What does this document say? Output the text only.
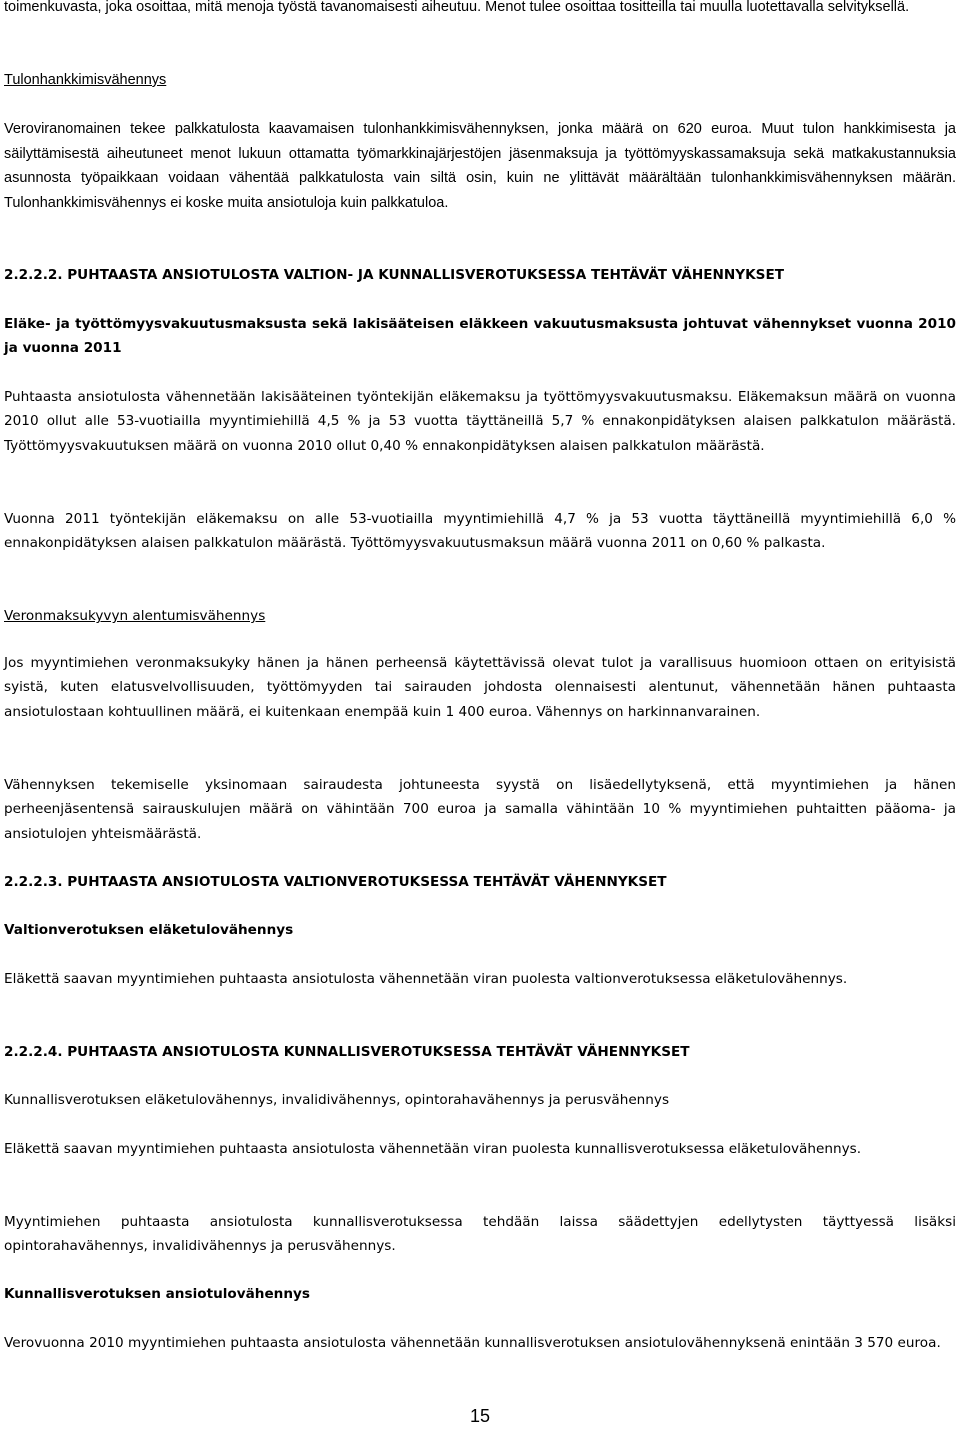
toimenkuvasta, joka osoittaa, mitä menoja työstä tavanomaisesti aiheutuu. Menot tulee osoittaa tositteilla tai muulla luotettavalla selvityksellä.

Tulonhankkimisvähennys

Veroviranomainen tekee palkkatulosta kaavamaisen tulonhankkimisvähennyksen, jonka määrä on 620 euroa. Muut tulon hankkimisesta ja säilyttämisestä aiheutuneet menot lukuun ottamatta työmarkkinajärjestöjen jäsenmaksuja ja työttömyyskassamaksuja sekä matkakustannuksia asunnosta työpaikkaan voidaan vähentää palkkatulosta vain siltä osin, kuin ne ylittävät määrältään tulonhankkimisvähennyksen määrän. Tulonhankkimisvähennys ei koske muita ansiotuloja kuin palkkatuloa.

2.2.2.2. PUHTAASTA ANSIOTULOSTA VALTION- JA KUNNALLISVEROTUKSESSA TEHTÄVÄT VÄHENNYKSET

Eläke- ja työttömyysvakuutusmaksusta sekä lakisääteisen eläkkeen vakuutusmaksusta johtuvat vähennykset vuonna 2010 ja vuonna 2011

Puhtaasta ansiotulosta vähennetään lakisääteinen työntekijän eläkemaksu ja työttömyysvakuutusmaksu. Eläkemaksun määrä on vuonna 2010 ollut alle 53-vuotiailla myyntimiehillä 4,5 % ja 53 vuotta täyttäneillä 5,7 % ennakonpidätyksen alaisen palkkatulon määrästä. Työttömyysvakuutuksen määrä on vuonna 2010 ollut 0,40 % ennakonpidätyksen alaisen palkkatulon määrästä.

Vuonna 2011 työntekijän eläkemaksu on alle 53-vuotiailla myyntimiehillä 4,7 % ja 53 vuotta täyttäneillä myyntimiehillä 6,0 % ennakonpidätyksen alaisen palkkatulon määrästä. Työttömyysvakuutusmaksun määrä vuonna 2011 on 0,60 % palkasta.

Veronmaksukyvyn alentumisvähennys

Jos myyntimiehen veronmaksukyky hänen ja hänen perheensä käytettävissä olevat tulot ja varallisuus huomioon ottaen on erityisistä syistä, kuten elatusvelvollisuuden, työttömyyden tai sairauden johdosta olennaisesti alentunut, vähennetään hänen puhtaasta ansiotulostaan kohtuullinen määrä, ei kuitenkaan enempää kuin 1 400 euroa. Vähennys on harkinnanvarainen.

Vähennyksen tekemiselle yksinomaan sairaudesta johtuneesta syystä on lisäedellytyksenä, että myyntimiehen ja hänen perheenjäsentensä sairauskulujen määrä on vähintään 700 euroa ja samalla vähintään 10 % myyntimiehen puhtaitten pääoma- ja ansiotulojen yhteismäärästä.

2.2.2.3. PUHTAASTA ANSIOTULOSTA VALTIONVEROTUKSESSA TEHTÄVÄT VÄHENNYKSET

Valtionverotuksen eläketulovähennys

Eläkettä saavan myyntimiehen puhtaasta ansiotulosta vähennetään viran puolesta valtionverotuksessa eläketulovähennys.

2.2.2.4. PUHTAASTA ANSIOTULOSTA KUNNALLISVEROTUKSESSA TEHTÄVÄT VÄHENNYKSET

Kunnallisverotuksen eläketulovähennys, invalidivähennys, opintorahavähennys ja perusvähennys

Eläkettä saavan myyntimiehen puhtaasta ansiotulosta vähennetään viran puolesta kunnallisverotuksessa eläketulovähennys.

Myyntimiehen puhtaasta ansiotulosta kunnallisverotuksessa tehdään laissa säädettyjen edellytysten täyttyessä lisäksi opintorahavähennys, invalidivähennys ja perusvähennys.

Kunnallisverotuksen ansiotulovähennys

Verovuonna 2010 myyntimiehen puhtaasta ansiotulosta vähennetään kunnallisverotuksen ansiotulovähennyksenä enintään 3 570 euroa.

15
